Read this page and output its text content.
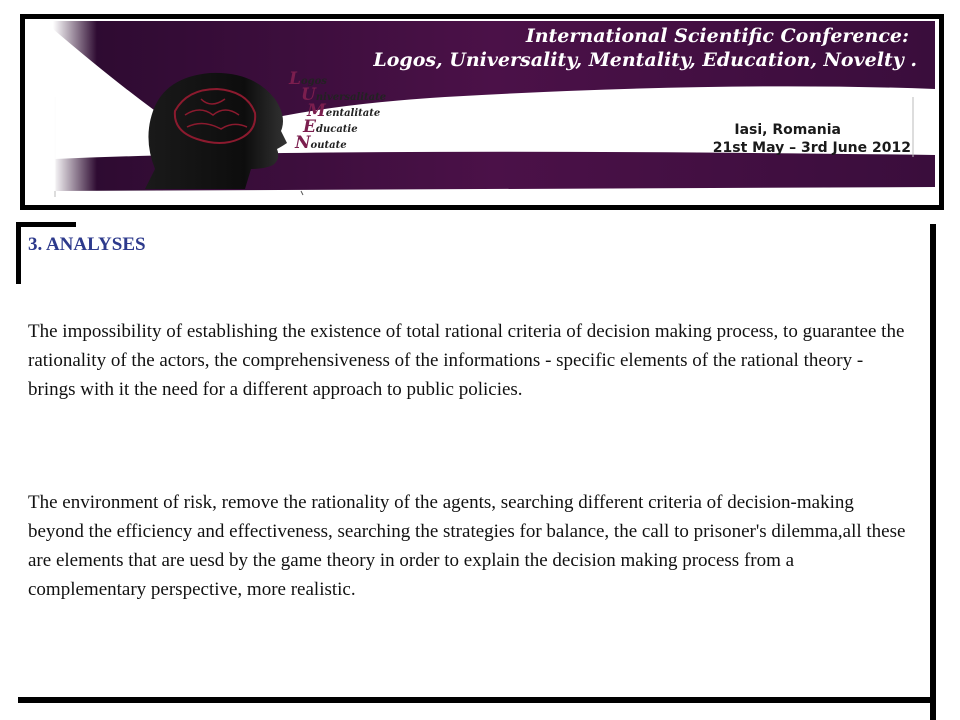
International Scientific Conference:
Logos, Universality, Mentality, Education, Novelty .
Logos
Universalitate
Mentalitate
Educatie
Noutate
Iasi, Romania
21st May – 3rd June 2012
3. ANALYSES

The impossibility of establishing the existence of total rational criteria of decision making process, to guarantee the rationality of the actors, the comprehensiveness of the informations - specific elements of the rational theory - brings with it the need for a different approach to public policies.

The environment of risk, remove the rationality of the agents, searching different criteria of decision-making beyond the efficiency and effectiveness, searching the strategies for balance, the call to prisoner's dilemma,all these are elements that are uesd by the game theory in order to explain the decision making process from a complementary perspective, more realistic.
